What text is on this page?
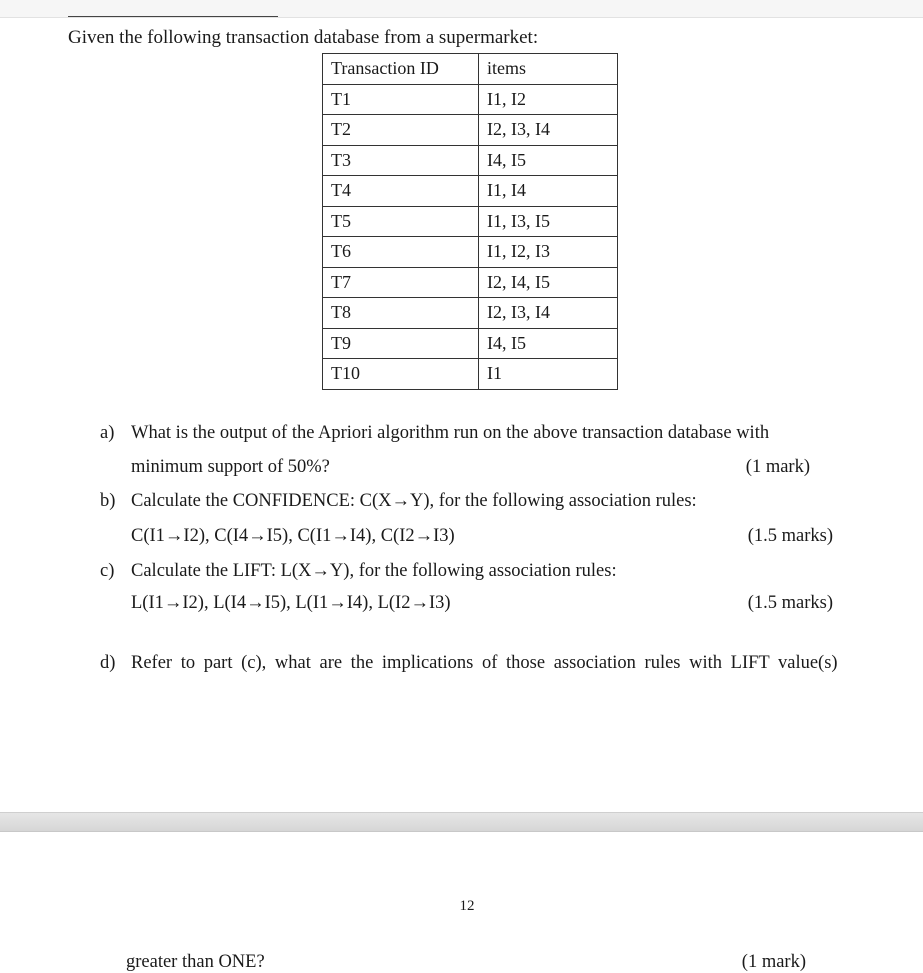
Given the following transaction database from a supermarket:
Transaction ID	items
T1	I1, I2
T2	I2, I3, I4
T3	I4, I5
T4	I1, I4
T5	I1, I3, I5
T6	I1, I2, I3
T7	I2, I4, I5
T8	I2, I3, I4
T9	I4, I5
T10	I1
a) What is the output of the Apriori algorithm run on the above transaction database with
minimum support of 50%?	(1 mark)
b) Calculate the CONFIDENCE: C(X→Y), for the following association rules:
C(I1→I2), C(I4→I5), C(I1→I4), C(I2→I3)	(1.5 marks)
c) Calculate the LIFT: L(X→Y), for the following association rules:
L(I1→I2), L(I4→I5), L(I1→I4), L(I2→I3)	(1.5 marks)
d) Refer to part (c), what are the implications of those association rules with LIFT value(s)
12
greater than ONE?	(1 mark)
